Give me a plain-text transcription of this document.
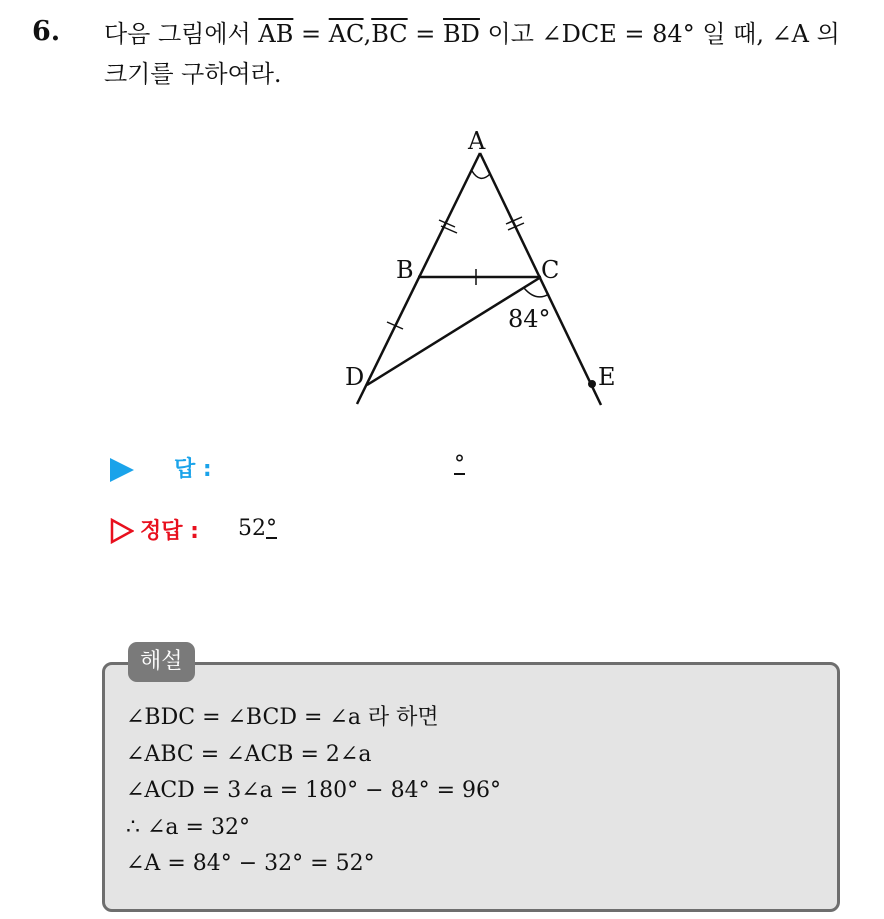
6. 다음 그림에서 $\overline{AB} = \overline{AC},\overline{BC} = \overline{BD}$ 이고 ∠DCE = 84° 일 때, ∠A 의 크기를 구하여라.
A
B	C
D	E
84°
답 :	°
정답 : 52°
해설
∠BDC = ∠BCD = ∠a 라 하면
∠ABC = ∠ACB = 2∠a
∠ACD = 3∠a = 180° − 84° = 96°
∴ ∠a = 32°
∠A = 84° − 32° = 52°
